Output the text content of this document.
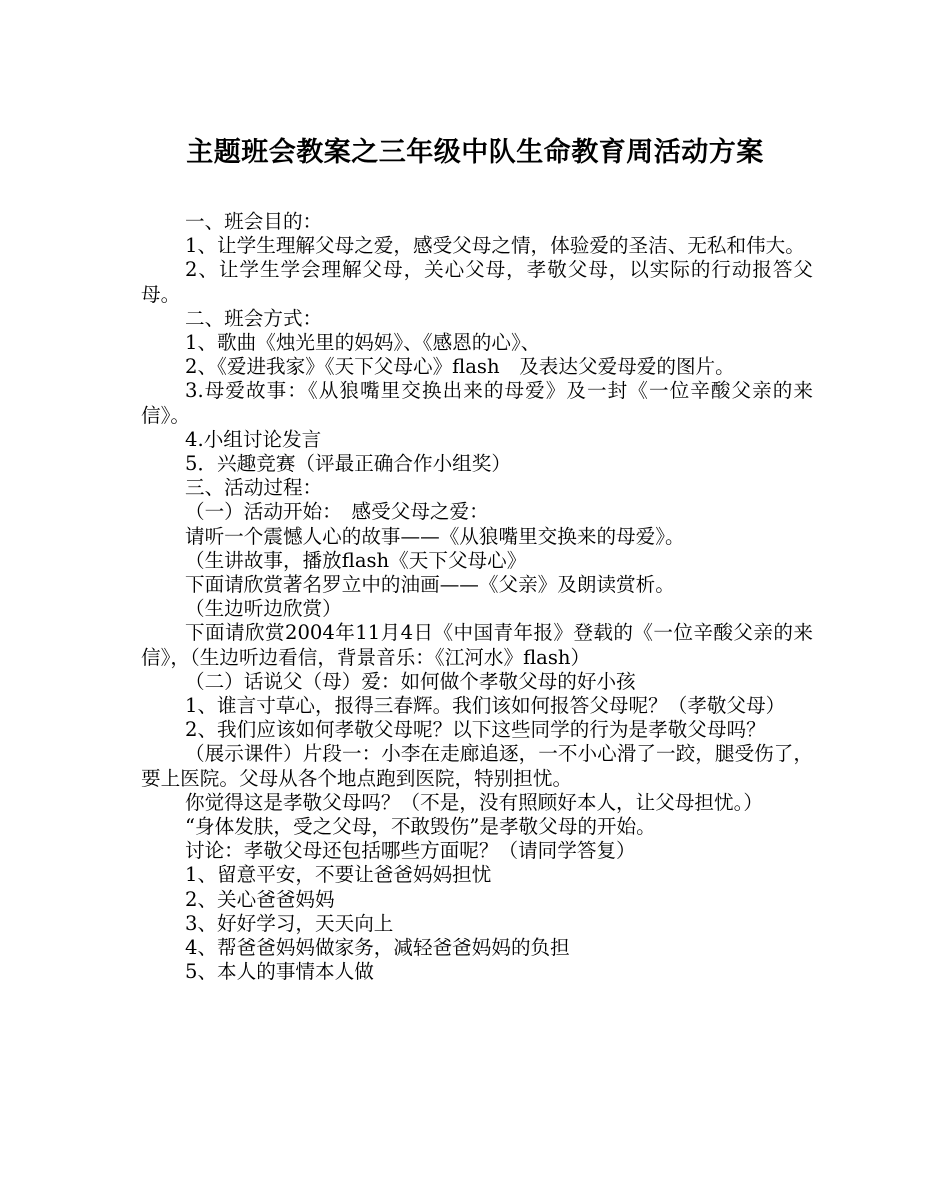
主题班会教案之三年级中队生命教育周活动方案

一、班会目的：

1、让学生理解父母之爱，感受父母之情，体验爱的圣洁、无私和伟大。

2、让学生学会理解父母，关心父母，孝敬父母，以实际的行动报答父母。

二、班会方式：

1、歌曲《烛光里的妈妈》、《感恩的心》、

2、《爱进我家》《天下父母心》flash　及表达父爱母爱的图片。

3.母爱故事：《从狼嘴里交换出来的母爱》及一封《一位辛酸父亲的来信》。

4.小组讨论发言

5．兴趣竞赛（评最正确合作小组奖）

三、活动过程：

（一）活动开始：　感受父母之爱：

请听一个震憾人心的故事——《从狼嘴里交换来的母爱》。

（生讲故事，播放flash《天下父母心》

下面请欣赏著名罗立中的油画——《父亲》及朗读赏析。

（生边听边欣赏）

下面请欣赏2004年11月4日《中国青年报》登载的《一位辛酸父亲的来信》，（生边听边看信，背景音乐：《江河水》flash）

（二）话说父（母）爱：如何做个孝敬父母的好小孩

1、谁言寸草心，报得三春辉。我们该如何报答父母呢？（孝敬父母）

2、我们应该如何孝敬父母呢？以下这些同学的行为是孝敬父母吗？

（展示课件）片段一：小李在走廊追逐，一不小心滑了一跤，腿受伤了，要上医院。父母从各个地点跑到医院，特别担忧。

你觉得这是孝敬父母吗？（不是，没有照顾好本人，让父母担忧。）

“身体发肤，受之父母，不敢毁伤”是孝敬父母的开始。

讨论：孝敬父母还包括哪些方面呢？（请同学答复）

1、留意平安，不要让爸爸妈妈担忧

2、关心爸爸妈妈

3、好好学习，天天向上

4、帮爸爸妈妈做家务，减轻爸爸妈妈的负担

5、本人的事情本人做
